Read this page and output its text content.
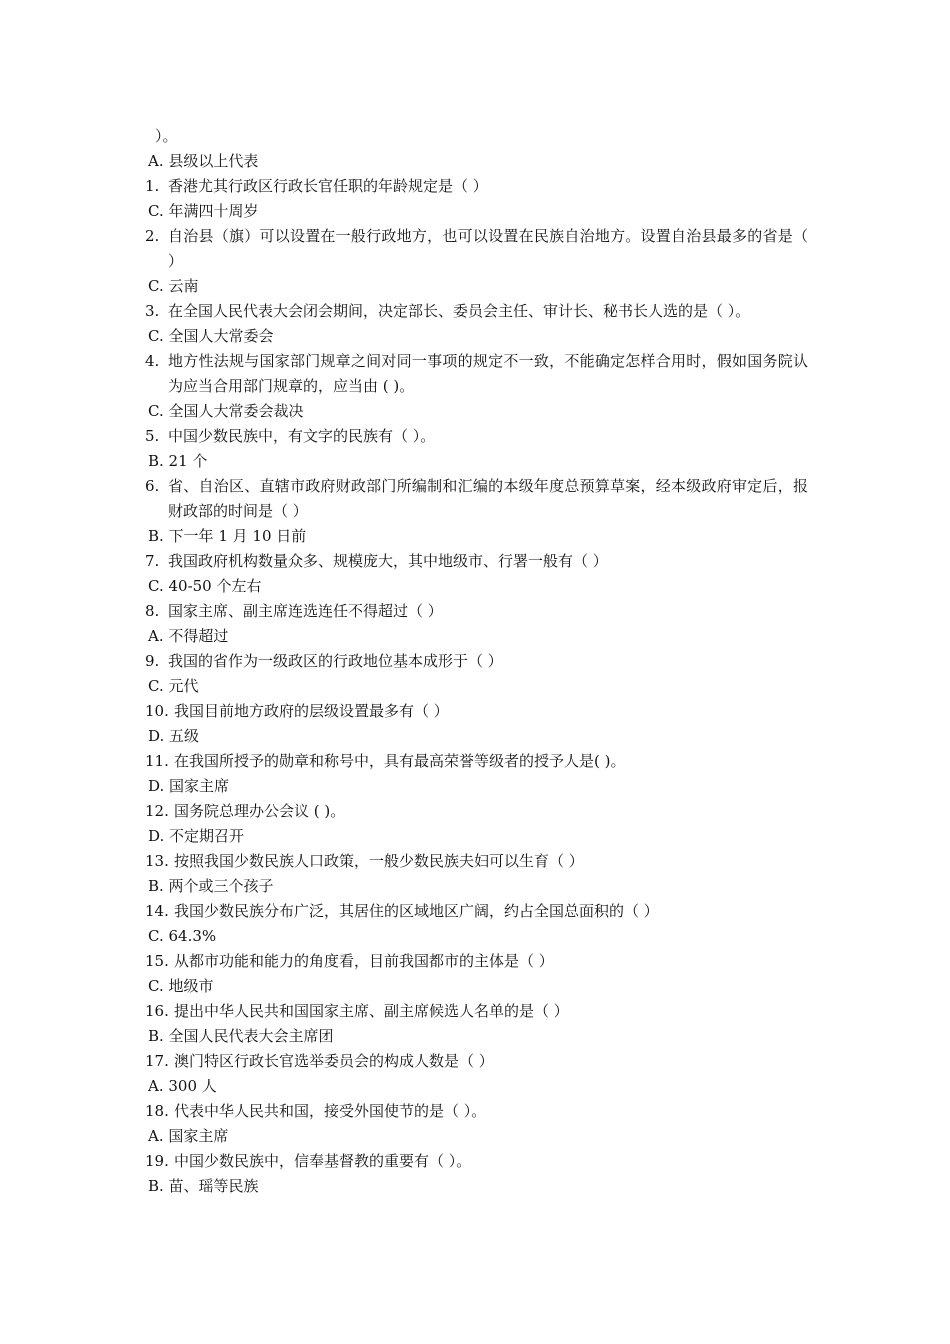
）。

A. 县级以上代表

1. 香港尤其行政区行政长官任职的年龄规定是（ ）

C. 年满四十周岁

2. 自治县（旗）可以设置在一般行政地方，也可以设置在民族自治地方。设置自治县最多的省是（ ）

C. 云南

3. 在全国人民代表大会闭会期间，决定部长、委员会主任、审计长、秘书长人选的是（ ）。

C. 全国人大常委会

4. 地方性法规与国家部门规章之间对同一事项的规定不一致，不能确定怎样合用时，假如国务院认为应当合用部门规章的，应当由 ( )。

C. 全国人大常委会裁决

5. 中国少数民族中，有文字的民族有（ ）。

B. 21 个

6. 省、自治区、直辖市政府财政部门所编制和汇编的本级年度总预算草案，经本级政府审定后，报财政部的时间是（ ）

B. 下一年 1 月 10 日前

7. 我国政府机构数量众多、规模庞大，其中地级市、行署一般有（ ）

C. 40-50 个左右

8. 国家主席、副主席连选连任不得超过（ ）

A. 不得超过

9. 我国的省作为一级政区的行政地位基本成形于（ ）

C. 元代

10. 我国目前地方政府的层级设置最多有（ ）

D. 五级

11. 在我国所授予的勋章和称号中，具有最高荣誉等级者的授予人是( )。

D. 国家主席

12. 国务院总理办公会议 ( )。

D. 不定期召开

13. 按照我国少数民族人口政策，一般少数民族夫妇可以生育（ ）

B. 两个或三个孩子

14. 我国少数民族分布广泛，其居住的区域地区广阔，约占全国总面积的（ ）

C. 64.3%

15. 从都市功能和能力的角度看，目前我国都市的主体是（ ）

C. 地级市

16. 提出中华人民共和国国家主席、副主席候选人名单的是（ ）

B. 全国人民代表大会主席团

17. 澳门特区行政长官选举委员会的构成人数是（ ）

A. 300 人

18. 代表中华人民共和国，接受外国使节的是（ ）。

A. 国家主席

19. 中国少数民族中，信奉基督教的重要有（ ）。

B. 苗、瑶等民族
